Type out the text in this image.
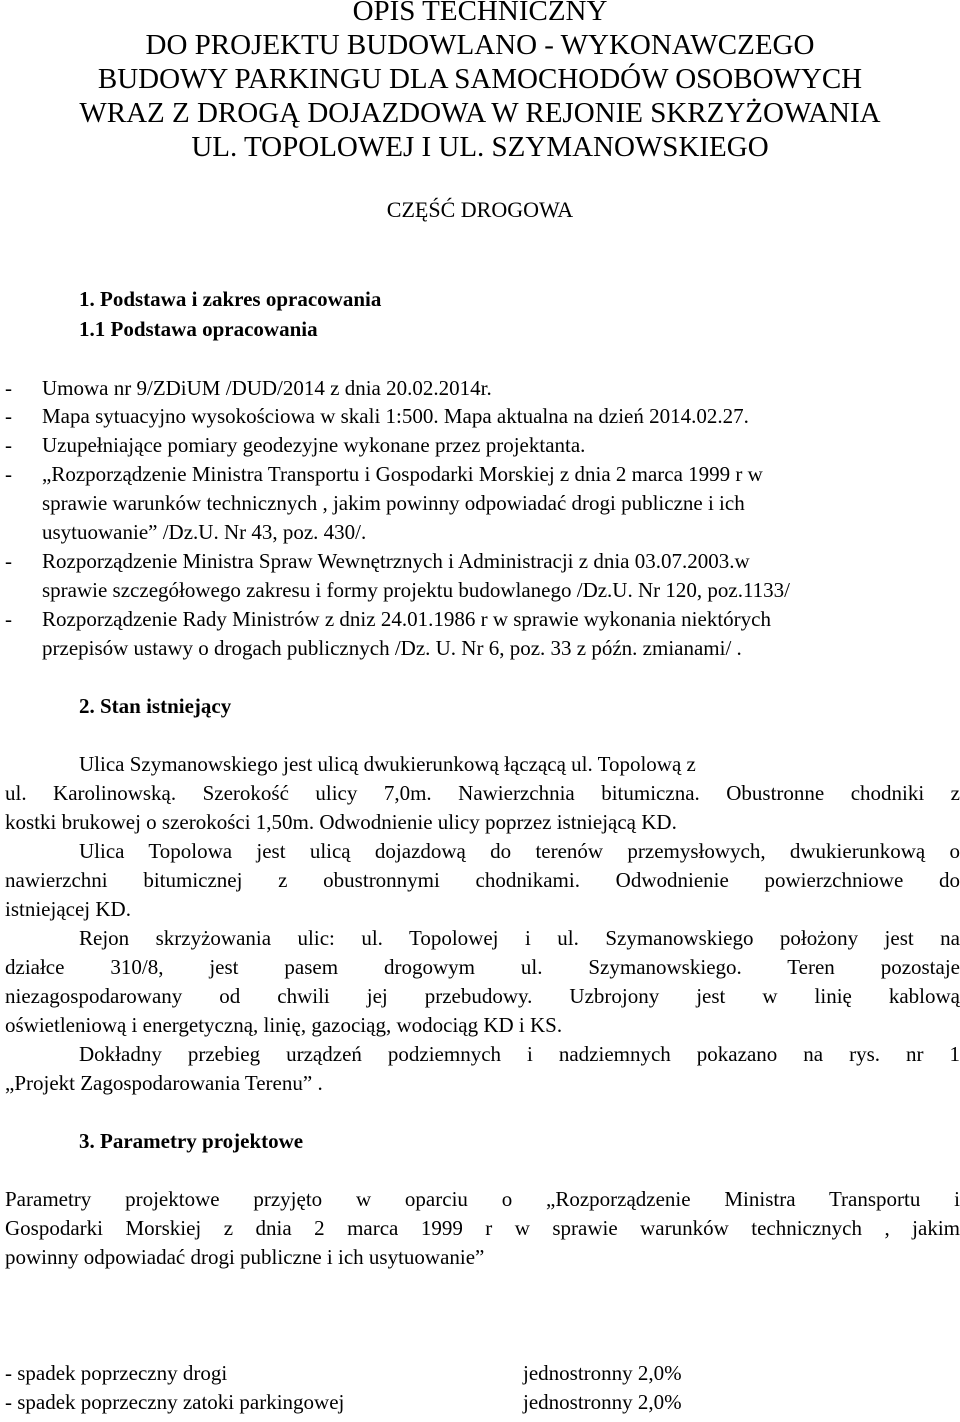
OPIS TECHNICZNY
DO PROJEKTU BUDOWLANO - WYKONAWCZEGO
BUDOWY PARKINGU DLA SAMOCHODÓW OSOBOWYCH
WRAZ Z DROGĄ DOJAZDOWA W REJONIE SKRZYŻOWANIA
UL. TOPOLOWEJ I UL. SZYMANOWSKIEGO
CZĘŚĆ DROGOWA
1. Podstawa i zakres opracowania
1.1 Podstawa opracowania
- Umowa nr 9/ZDiUM /DUD/2014 z dnia 20.02.2014r.
- Mapa sytuacyjno wysokościowa w skali 1:500. Mapa aktualna na dzień 2014.02.27.
- Uzupełniające pomiary geodezyjne wykonane przez projektanta.
- „Rozporządzenie Ministra Transportu i Gospodarki Morskiej z dnia 2 marca 1999 r w
sprawie warunków technicznych , jakim powinny odpowiadać drogi publiczne i ich
usytuowanie” /Dz.U. Nr 43, poz. 430/.
- Rozporządzenie Ministra Spraw Wewnętrznych i Administracji z dnia 03.07.2003.w
sprawie szczegółowego zakresu i formy projektu budowlanego /Dz.U. Nr 120, poz.1133/
- Rozporządzenie Rady Ministrów z dniz 24.01.1986 r w sprawie wykonania niektórych
przepisów ustawy o drogach publicznych /Dz. U. Nr 6, poz. 33 z późn. zmianami/ .
2. Stan istniejący
Ulica Szymanowskiego jest ulicą dwukierunkową łączącą ul. Topolową z
ul. Karolinowską. Szerokość ulicy 7,0m. Nawierzchnia bitumiczna. Obustronne chodniki z
kostki brukowej o szerokości 1,50m. Odwodnienie ulicy poprzez istniejącą KD.
Ulica Topolowa jest ulicą dojazdową do terenów przemysłowych, dwukierunkową o
nawierzchni bitumicznej z obustronnymi chodnikami. Odwodnienie powierzchniowe do
istniejącej KD.
Rejon skrzyżowania ulic: ul. Topolowej i ul. Szymanowskiego położony jest na
działce 310/8, jest pasem drogowym ul. Szymanowskiego. Teren pozostaje
niezagospodarowany od chwili jej przebudowy. Uzbrojony jest w linię kablową
oświetleniową i energetyczną, linię, gazociąg, wodociąg KD i KS.
Dokładny przebieg urządzeń podziemnych i nadziemnych pokazano na rys. nr 1
„Projekt Zagospodarowania Terenu” .
3. Parametry projektowe
Parametry projektowe przyjęto w oparciu o „Rozporządzenie Ministra Transportu i
Gospodarki Morskiej z dnia 2 marca 1999 r w sprawie warunków technicznych , jakim
powinny odpowiadać drogi publiczne i ich usytuowanie”
- spadek poprzeczny drogi	jednostronny 2,0%
- spadek poprzeczny zatoki parkingowej	jednostronny 2,0%
